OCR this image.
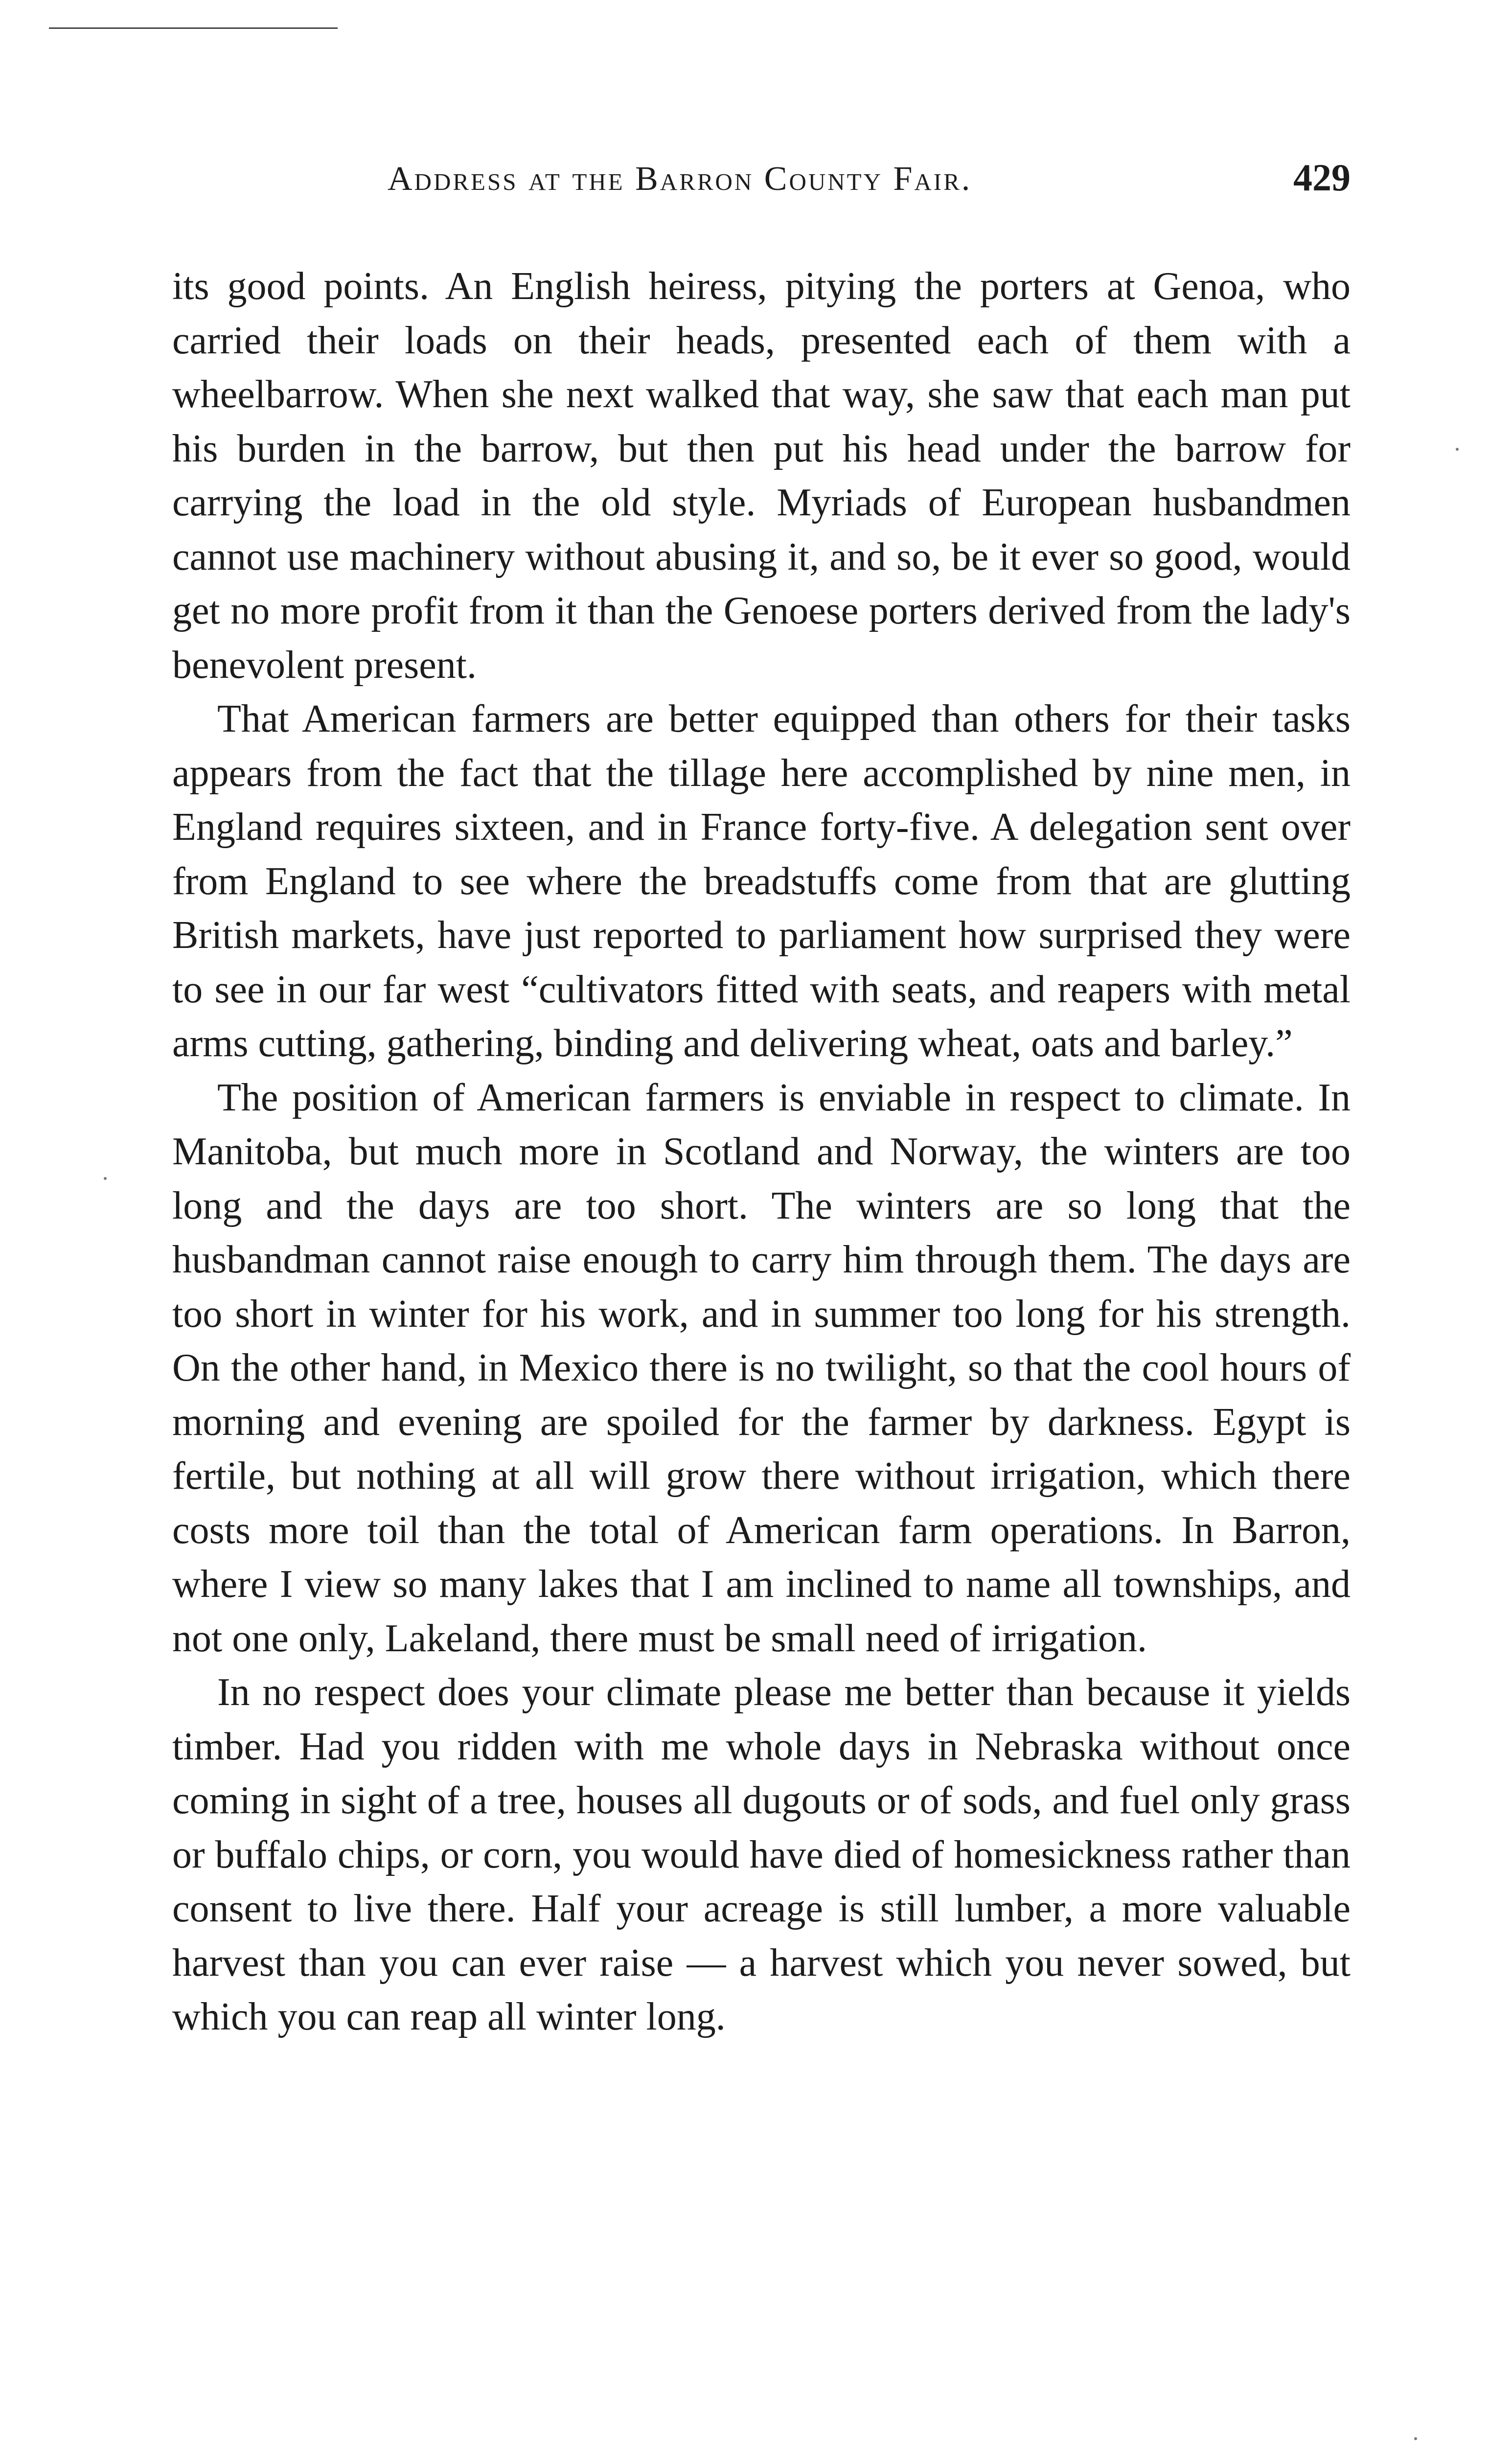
Address at the Barron County Fair.	429

its good points. An English heiress, pitying the porters at Genoa, who carried their loads on their heads, presented each of them with a wheelbarrow. When she next walked that way, she saw that each man put his burden in the barrow, but then put his head under the barrow for carrying the load in the old style. Myriads of European husbandmen cannot use machinery without abusing it, and so, be it ever so good, would get no more profit from it than the Genoese porters derived from the lady's benevolent present.

That American farmers are better equipped than others for their tasks appears from the fact that the tillage here accomplished by nine men, in England requires sixteen, and in France forty-five. A delegation sent over from England to see where the breadstuffs come from that are glutting British markets, have just reported to parliament how surprised they were to see in our far west “cultivators fitted with seats, and reapers with metal arms cutting, gathering, binding and delivering wheat, oats and barley.”

The position of American farmers is enviable in respect to climate. In Manitoba, but much more in Scotland and Norway, the winters are too long and the days are too short. The winters are so long that the husbandman cannot raise enough to carry him through them. The days are too short in winter for his work, and in summer too long for his strength. On the other hand, in Mexico there is no twilight, so that the cool hours of morning and evening are spoiled for the farmer by darkness. Egypt is fertile, but nothing at all will grow there without irrigation, which there costs more toil than the total of American farm operations. In Barron, where I view so many lakes that I am inclined to name all townships, and not one only, Lakeland, there must be small need of irrigation.

In no respect does your climate please me better than because it yields timber. Had you ridden with me whole days in Nebraska without once coming in sight of a tree, houses all dugouts or of sods, and fuel only grass or buffalo chips, or corn, you would have died of homesickness rather than consent to live there. Half your acreage is still lumber, a more valuable harvest than you can ever raise — a harvest which you never sowed, but which you can reap all winter long.
